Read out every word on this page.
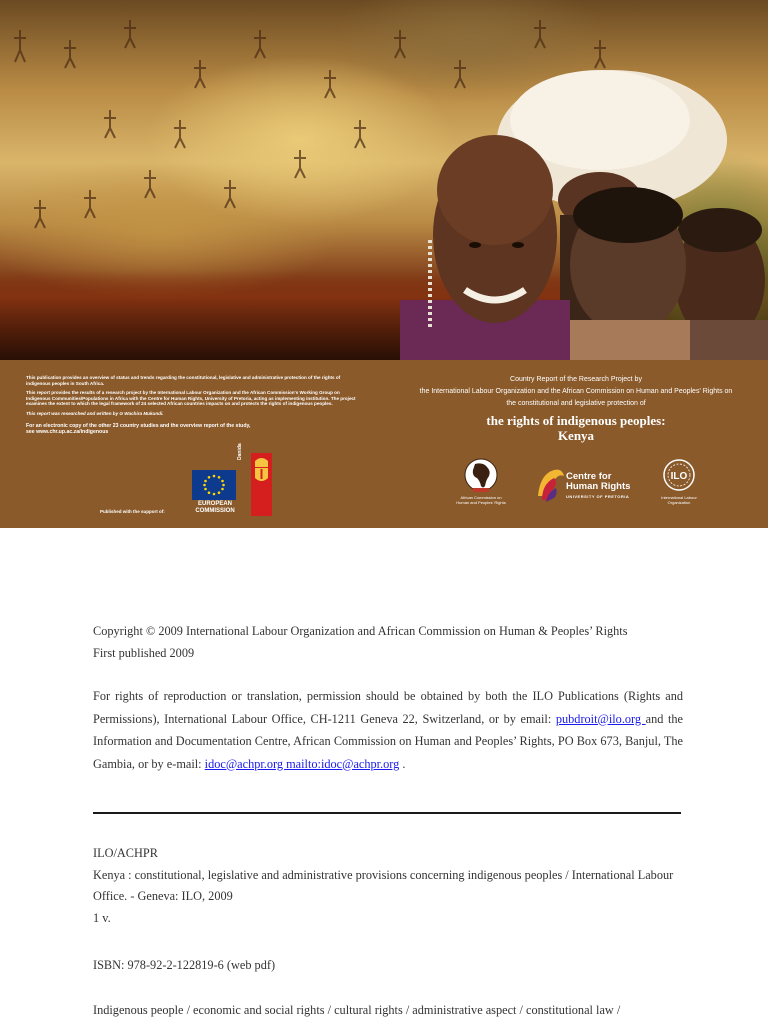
This publication provides an overview of status and trends regarding the constitutional, legislative and administrative protection of the rights of indigenous peoples in South Africa.

This report provides the results of a research project by the International Labour Organization and the African Commission's Working Group on Indigenous Communities/Populations in Africa with the Centre for Human Rights, University of Pretoria, acting as implementing institution. The project examines the extent to which the legal framework of 24 selected African countries impacts on and protects the rights of indigenous peoples.

This report was researched and written by G Wachira Mukundi.

For an electronic copy of the other 23 country studies and the overview report of the study,
see www.chr.up.ac.za/indigenous
Published with the support of:
EUROPEAN
COMMISSION
Danida
Country Report of the Research Project by
the International Labour Organization and the African Commission on Human and Peoples' Rights on
the constitutional and legislative protection of
the rights of indigenous peoples:
Kenya
African Commission on
Human and Peoples' Rights
Centre for
Human Rights
UNIVERSITY OF PRETORIA
ILO
International Labour
Organization
Copyright © 2009 International Labour Organization and African Commission on Human & Peoples’ Rights
First published 2009
For rights of reproduction or translation, permission should be obtained by both the ILO Publications (Rights and Permissions), International Labour Office, CH-1211 Geneva 22, Switzerland, or by email: pubdroit@ilo.org and the Information and Documentation Centre, African Commission on Human and Peoples’ Rights, PO Box 673, Banjul, The Gambia, or by e-mail: idoc@achpr.org mailto:idoc@achpr.org .
ILO/ACHPR
Kenya : constitutional, legislative and administrative provisions concerning indigenous peoples / International Labour Office. - Geneva: ILO, 2009
1 v.
ISBN: 978-92-2-122819-6 (web pdf)
Indigenous people / economic and social rights / cultural rights / administrative aspect / constitutional law /
